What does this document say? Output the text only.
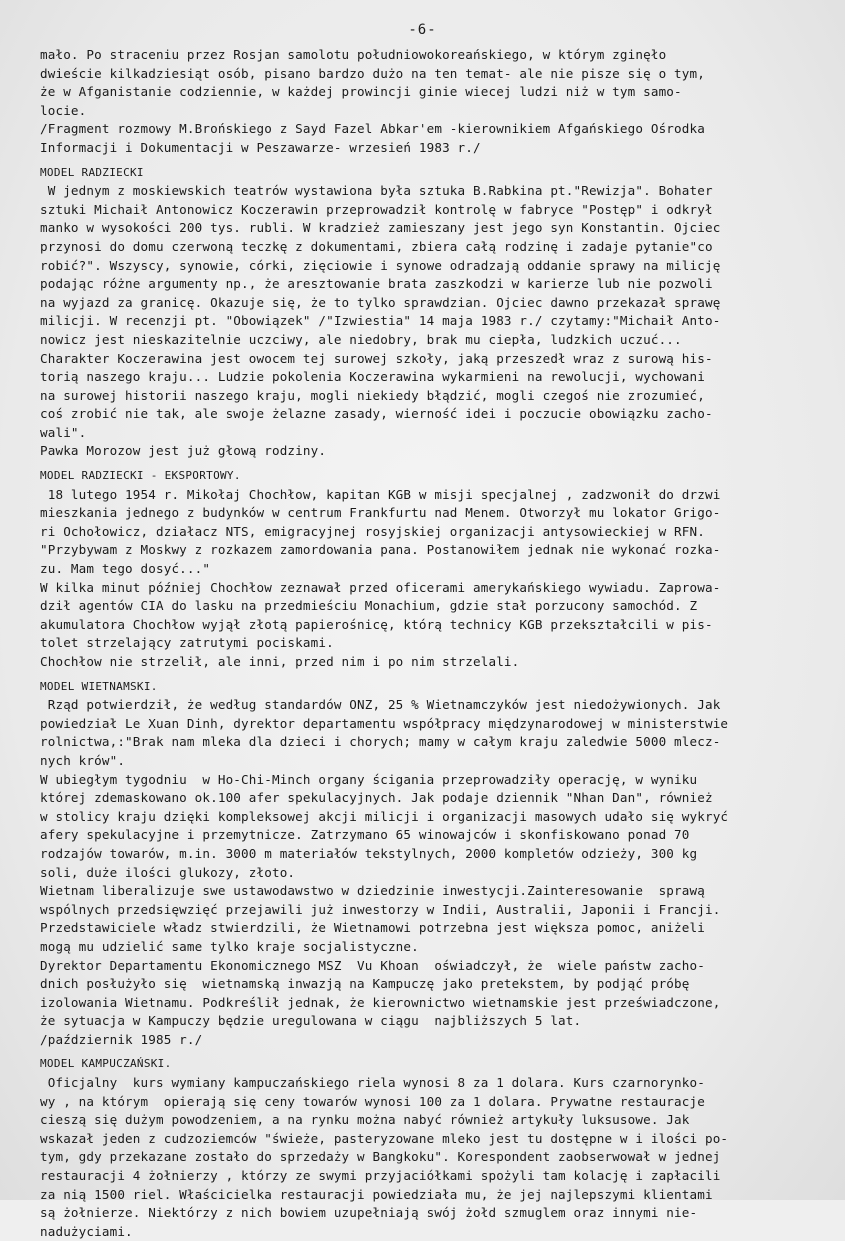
-6-

mało. Po straceniu przez Rosjan samolotu południowokoreańskiego, w którym zginęło

dwieście kilkadziesiąt osób, pisano bardzo dużo na ten temat- ale nie pisze się o tym,

że w Afganistanie codziennie, w każdej prowincji ginie wiecej ludzi niż w tym samo-

locie.

/Fragment rozmowy M.Brońskiego z Sayd Fazel Abkar'em -kierownikiem Afgańskiego Ośrodka

Informacji i Dokumentacji w Peszawarze- wrzesień 1983 r./

MODEL RADZIECKI

W jednym z moskiewskich teatrów wystawiona była sztuka B.Rabkina pt."Rewizja". Bohater

sztuki Michaił Antonowicz Koczerawin przeprowadził kontrolę w fabryce "Postęp" i odkrył

manko w wysokości 200 tys. rubli. W kradzież zamieszany jest jego syn Konstantin. Ojciec

przynosi do domu czerwoną teczkę z dokumentami, zbiera całą rodzinę i zadaje pytanie"co

robić?". Wszyscy, synowie, córki, zięciowie i synowe odradzają oddanie sprawy na milicję

podając różne argumenty np., że aresztowanie brata zaszkodzi w karierze lub nie pozwoli

na wyjazd za granicę. Okazuje się, że to tylko sprawdzian. Ojciec dawno przekazał sprawę

milicji. W recenzji pt. "Obowiązek" /"Izwiestia" 14 maja 1983 r./ czytamy:"Michaił Anto-

nowicz jest nieskazitelnie uczciwy, ale niedobry, brak mu ciepła, ludzkich uczuć...

Charakter Koczerawina jest owocem tej surowej szkoły, jaką przeszedł wraz z surową his-

torią naszego kraju... Ludzie pokolenia Koczerawina wykarmieni na rewolucji, wychowani

na surowej historii naszego kraju, mogli niekiedy błądzić, mogli czegoś nie zrozumieć,

coś zrobić nie tak, ale swoje żelazne zasady, wierność idei i poczucie obowiązku zacho-

wali".

Pawka Morozow jest już głową rodziny.

MODEL RADZIECKI - EKSPORTOWY.

18 lutego 1954 r. Mikołaj Chochłow, kapitan KGB w misji specjalnej , zadzwonił do drzwi

mieszkania jednego z budynków w centrum Frankfurtu nad Menem. Otworzył mu lokator Grigo-

ri Ochołowicz, działacz NTS, emigracyjnej rosyjskiej organizacji antysowieckiej w RFN.

"Przybywam z Moskwy z rozkazem zamordowania pana. Postanowiłem jednak nie wykonać rozka-

zu. Mam tego dosyć..."

W kilka minut później Chochłow zeznawał przed oficerami amerykańskiego wywiadu. Zaprowa-

dził agentów CIA do lasku na przedmieściu Monachium, gdzie stał porzucony samochód. Z

akumulatora Chochłow wyjął złotą papierośnicę, którą technicy KGB przekształcili w pis-

tolet strzelający zatrutymi pociskami.

Chochłow nie strzelił, ale inni, przed nim i po nim strzelali.

MODEL WIETNAMSKI.

Rząd potwierdził, że według standardów ONZ, 25 % Wietnamczyków jest niedożywionych. Jak

powiedział Le Xuan Dinh, dyrektor departamentu współpracy międzynarodowej w ministerstwie

rolnictwa,:"Brak nam mleka dla dzieci i chorych; mamy w całym kraju zaledwie 5000 mlecz-

nych krów".

W ubiegłym tygodniu  w Ho-Chi-Minch organy ścigania przeprowadziły operację, w wyniku

której zdemaskowano ok.100 afer spekulacyjnych. Jak podaje dziennik "Nhan Dan", również

w stolicy kraju dzięki kompleksowej akcji milicji i organizacji masowych udało się wykryć

afery spekulacyjne i przemytnicze. Zatrzymano 65 winowajców i skonfiskowano ponad 70

rodzajów towarów, m.in. 3000 m materiałów tekstylnych, 2000 kompletów odzieży, 300 kg

soli, duże ilości glukozy, złoto.

Wietnam liberalizuje swe ustawodawstwo w dziedzinie inwestycji.Zainteresowanie  sprawą

wspólnych przedsięwzięć przejawili już inwestorzy w Indii, Australii, Japonii i Francji.

Przedstawiciele władz stwierdzili, że Wietnamowi potrzebna jest większa pomoc, aniżeli

mogą mu udzielić same tylko kraje socjalistyczne.

Dyrektor Departamentu Ekonomicznego MSZ  Vu Khoan  oświadczył, że  wiele państw zacho-

dnich posłużyło się  wietnamską inwazją na Kampuczę jako pretekstem, by podjąć próbę

izolowania Wietnamu. Podkreślił jednak, że kierownictwo wietnamskie jest przeświadczone,

że sytuacja w Kampuczy będzie uregulowana w ciągu  najbliższych 5 lat.

/październik 1985 r./

MODEL KAMPUCZAŃSKI.

Oficjalny  kurs wymiany kampuczańskiego riela wynosi 8 za 1 dolara. Kurs czarnorynko-

wy , na którym  opierają się ceny towarów wynosi 100 za 1 dolara. Prywatne restauracje

cieszą się dużym powodzeniem, a na rynku można nabyć również artykuły luksusowe. Jak

wskazał jeden z cudzoziemców "świeże, pasteryzowane mleko jest tu dostępne w i ilości po-

tym, gdy przekazane zostało do sprzedaży w Bangkoku". Korespondent zaobserwował w jednej

restauracji 4 żołnierzy , którzy ze swymi przyjaciółkami spożyli tam kolację i zapłacili

za nią 1500 riel. Właścicielka restauracji powiedziała mu, że jej najlepszymi klientami

są żołnierze. Niektórzy z nich bowiem uzupełniają swój żołd szmuglem oraz innymi nie-

nadużyciami.
